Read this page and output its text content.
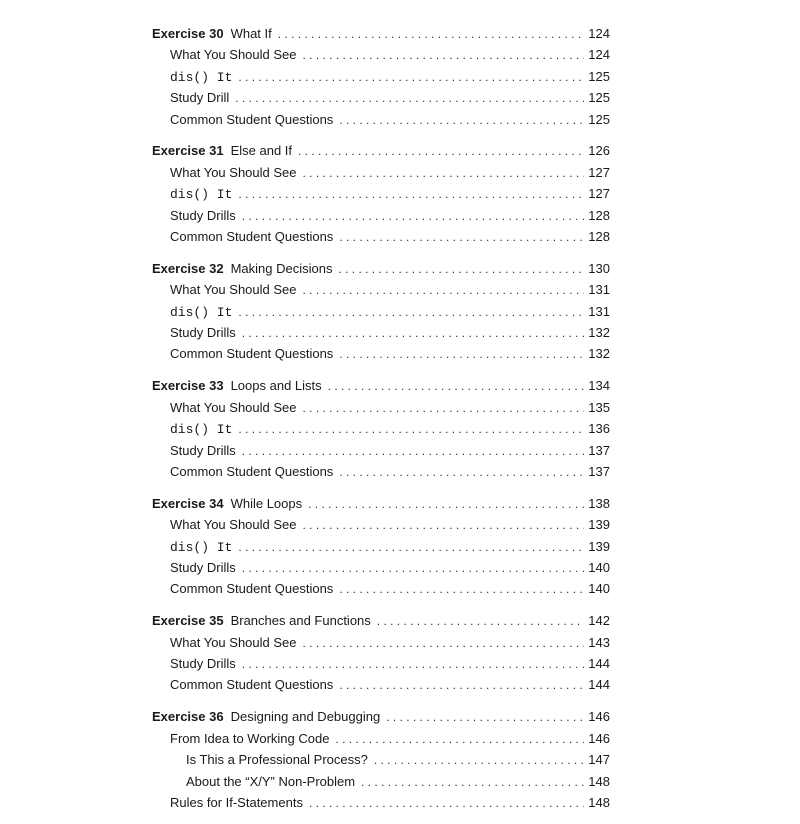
Exercise 30 What If . . .	124
What You Should See . . .	124
dis() It . . .	125
Study Drill . . .	125
Common Student Questions . . .	125
Exercise 31 Else and If . . .	126
What You Should See . . .	127
dis() It . . .	127
Study Drills . . .	128
Common Student Questions . . .	128
Exercise 32 Making Decisions . . .	130
What You Should See . . .	131
dis() It . . .	131
Study Drills . . .	132
Common Student Questions . . .	132
Exercise 33 Loops and Lists . . .	134
What You Should See . . .	135
dis() It . . .	136
Study Drills . . .	137
Common Student Questions . . .	137
Exercise 34 While Loops . . .	138
What You Should See . . .	139
dis() It . . .	139
Study Drills . . .	140
Common Student Questions . . .	140
Exercise 35 Branches and Functions . . .	142
What You Should See . . .	143
Study Drills . . .	144
Common Student Questions . . .	144
Exercise 36 Designing and Debugging . . .	146
From Idea to Working Code . . .	146
Is This a Professional Process? . . .	147
About the “X/Y” Non-Problem . . .	148
Rules for If-Statements . . .	148
